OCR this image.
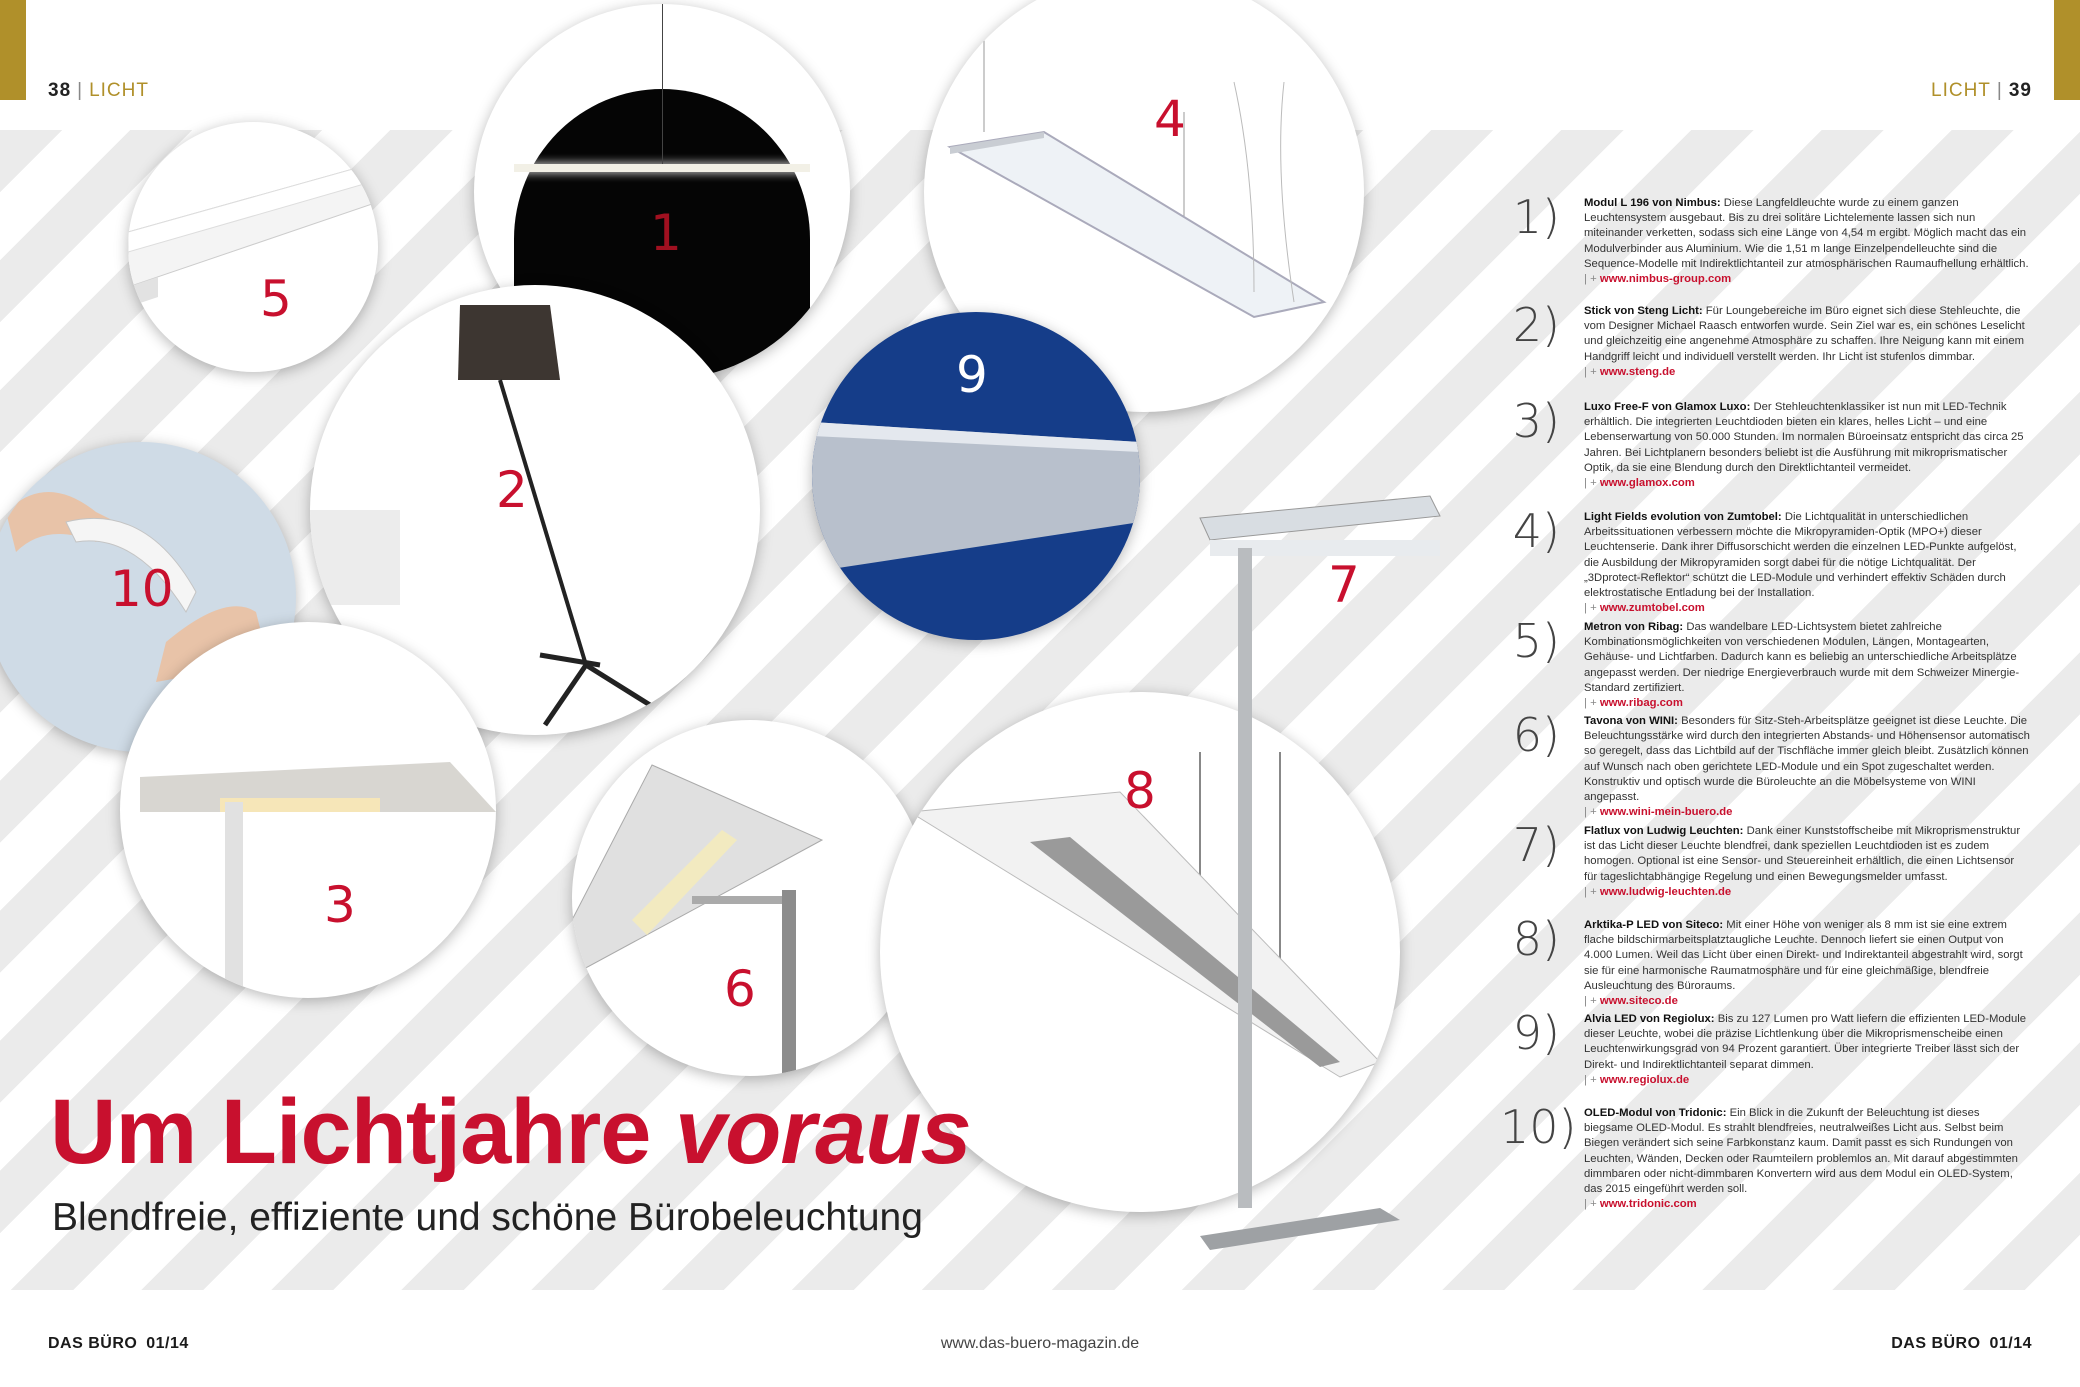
38 | LICHT	LICHT | 39
5
1
4
10
2
9
3
6
8
7
Um Lichtjahre voraus
Blendfreie, effiziente und schöne Bürobeleuchtung
1) Modul L 196 von Nimbus: Diese Langfeldleuchte wurde zu einem ganzen Leuchtensystem ausgebaut. Bis zu drei solitäre Lichtelemente lassen sich nun miteinander verketten, sodass sich eine Länge von 4,54 m ergibt. Möglich macht das ein Modulverbinder aus Aluminium. Wie die 1,51 m lange Einzelpendelleuchte sind die Sequence-Modelle mit Indirektlichtanteil zur atmosphärischen Raumaufhellung erhältlich.
| + www.nimbus-group.com
2) Stick von Steng Licht: Für Loungebereiche im Büro eignet sich diese Stehleuchte, die vom Designer Michael Raasch entworfen wurde. Sein Ziel war es, ein schönes Leselicht und gleichzeitig eine angenehme Atmosphäre zu schaffen. Ihre Neigung kann mit einem Handgriff leicht und individuell verstellt werden. Ihr Licht ist stufenlos dimmbar.
| + www.steng.de
3) Luxo Free-F von Glamox Luxo: Der Stehleuchtenklassiker ist nun mit LED-Technik erhältlich. Die integrierten Leuchtdioden bieten ein klares, helles Licht – und eine Lebenserwartung von 50.000 Stunden. Im normalen Büroeinsatz entspricht das circa 25 Jahren. Bei Lichtplanern besonders beliebt ist die Ausführung mit mikroprismatischer Optik, da sie eine Blendung durch den Direktlichtanteil vermeidet.
| + www.glamox.com
4) Light Fields evolution von Zumtobel: Die Lichtqualität in unterschiedlichen Arbeitssituationen verbessern möchte die Mikropyramiden-Optik (MPO+) dieser Leuchtenserie. Dank ihrer Diffusorschicht werden die einzelnen LED-Punkte aufgelöst, die Ausbildung der Mikropyramiden sorgt dabei für die nötige Lichtqualität. Der „3Dprotect-Reflektor“ schützt die LED-Module und verhindert effektiv Schäden durch elektrostatische Entladung bei der Installation.
| + www.zumtobel.com
5) Metron von Ribag: Das wandelbare LED-Lichtsystem bietet zahlreiche Kombinationsmöglichkeiten von verschiedenen Modulen, Längen, Montagearten, Gehäuse- und Lichtfarben. Dadurch kann es beliebig an unterschiedliche Arbeitsplätze angepasst werden. Der niedrige Energieverbrauch wurde mit dem Schweizer Minergie-Standard zertifiziert.
| + www.ribag.com
6) Tavona von WINI: Besonders für Sitz-Steh-Arbeitsplätze geeignet ist diese Leuchte. Die Beleuchtungsstärke wird durch den integrierten Abstands- und Höhensensor automatisch so geregelt, dass das Lichtbild auf der Tischfläche immer gleich bleibt. Zusätzlich können auf Wunsch nach oben gerichtete LED-Module und ein Spot zugeschaltet werden. Konstruktiv und optisch wurde die Büroleuchte an die Möbelsysteme von WINI angepasst.
| + www.wini-mein-buero.de
7) Flatlux von Ludwig Leuchten: Dank einer Kunststoffscheibe mit Mikroprismenstruktur ist das Licht dieser Leuchte blendfrei, dank speziellen Leuchtdioden ist es zudem homogen. Optional ist eine Sensor- und Steuereinheit erhältlich, die einen Lichtsensor für tageslichtabhängige Regelung und einen Bewegungsmelder umfasst.
| + www.ludwig-leuchten.de
8) Arktika-P LED von Siteco: Mit einer Höhe von weniger als 8 mm ist sie eine extrem flache bildschirmarbeitsplatztaugliche Leuchte. Dennoch liefert sie einen Output von 4.000 Lumen. Weil das Licht über einen Direkt- und Indirektanteil abgestrahlt wird, sorgt sie für eine harmonische Raumatmosphäre und für eine gleichmäßige, blendfreie Ausleuchtung des Büroraums.
| + www.siteco.de
9) Alvia LED von Regiolux: Bis zu 127 Lumen pro Watt liefern die effizienten LED-Module dieser Leuchte, wobei die präzise Lichtlenkung über die Mikroprismenscheibe einen Leuchtenwirkungsgrad von 94 Prozent garantiert. Über integrierte Treiber lässt sich der Direkt- und Indirektlichtanteil separat dimmen.
| + www.regiolux.de
10) OLED-Modul von Tridonic: Ein Blick in die Zukunft der Beleuchtung ist dieses biegsame OLED-Modul. Es strahlt blendfreies, neutralweißes Licht aus. Selbst beim Biegen verändert sich seine Farbkonstanz kaum. Damit passt es sich Rundungen von Leuchten, Wänden, Decken oder Raumteilern problemlos an. Mit darauf abgestimmten dimmbaren oder nicht-dimmbaren Konvertern wird aus dem Modul ein OLED-System, das 2015 eingeführt werden soll.
| + www.tridonic.com
DAS BÜRO 01/14	www.das-buero-magazin.de	DAS BÜRO 01/14
